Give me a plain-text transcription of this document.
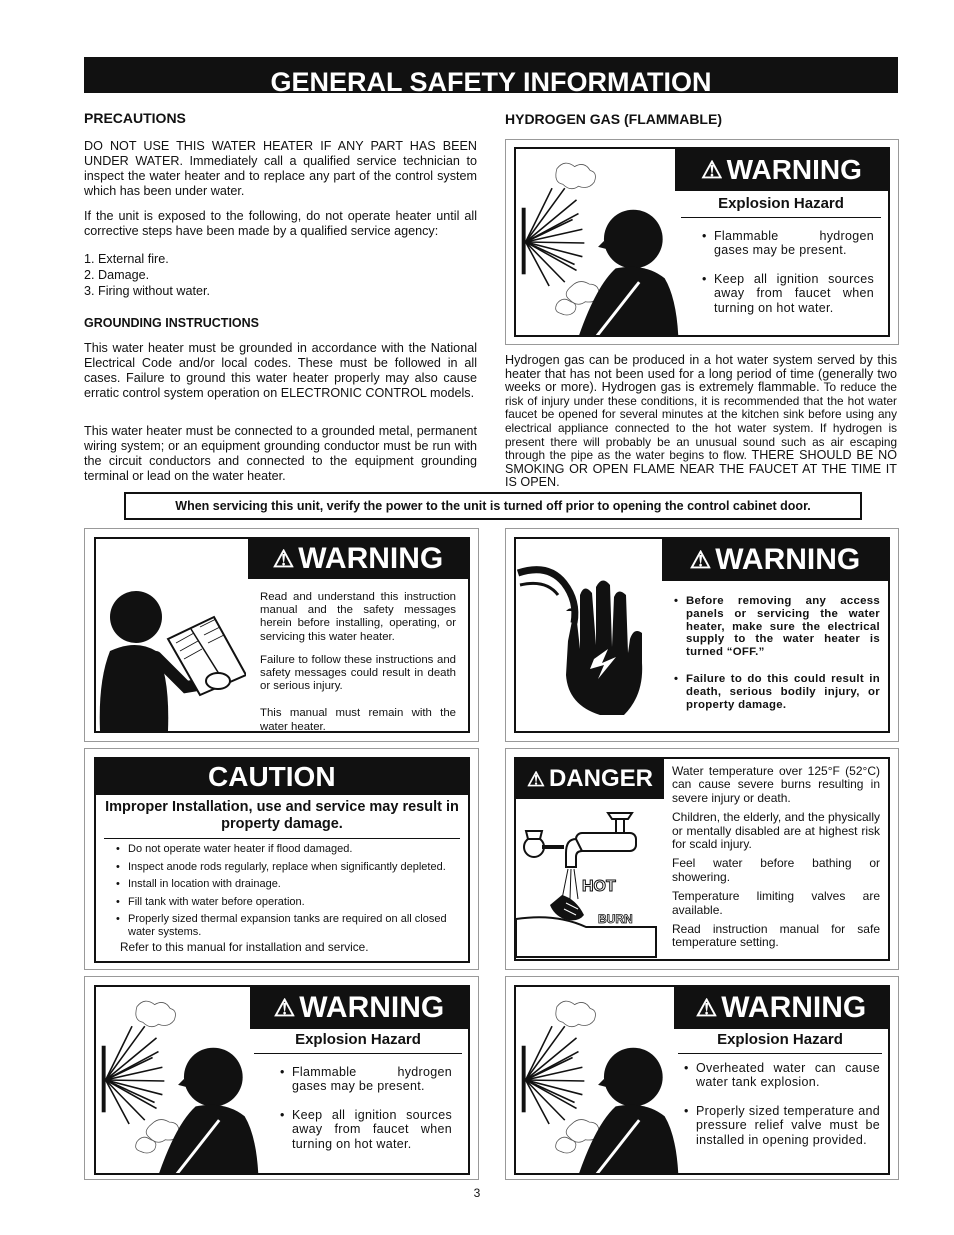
GENERAL SAFETY INFORMATION
PRECAUTIONS

DO NOT USE THIS WATER HEATER IF ANY PART HAS BEEN UNDER WATER. Immediately call a qualified service technician to inspect the water heater and to replace any part of the control system which has been under water.

If the unit is exposed to the following, do not operate heater until all corrective steps have been made by a qualified service agency:

1. External fire.
2. Damage.
3. Firing without water.
GROUNDING INSTRUCTIONS

This water heater must be grounded in accordance with the National Electrical Code and/or local codes. These must be followed in all cases. Failure to ground this water heater properly may also cause erratic control system operation on ELECTRONIC CONTROL models.

This water heater must be connected to a grounded metal, permanent wiring system; or an equipment grounding conductor must be run with the circuit conductors and connected to the equipment grounding terminal or lead on the water heater.

HYDROGEN GAS (FLAMMABLE)
⚠ WARNING
Explosion Hazard
• Flammable hydrogen gases may be present.
• Keep all ignition sources away from faucet when turning on hot water.

Hydrogen gas can be produced in a hot water system served by this heater that has not been used for a long period of time (generally two weeks or more). Hydrogen gas is extremely flammable. To reduce the risk of injury under these conditions, it is recommended that the hot water faucet be opened for several minutes at the kitchen sink before using any electrical appliance connected to the hot water system. If hydrogen is present there will probably be an unusual sound such as air escaping through the pipe as the water begins to flow. THERE SHOULD BE NO SMOKING OR OPEN FLAME NEAR THE FAUCET AT THE TIME IT IS OPEN.

When servicing this unit, verify the power to the unit is turned off prior to opening the control cabinet door.
⚠ WARNING

Read and understand this instruction manual and the safety messages herein before installing, operating, or servicing this water heater.

Failure to follow these instructions and safety messages could result in death or serious injury.

This manual must remain with the water heater.

⚠ WARNING
• Before removing any access panels or servicing the water heater, make sure the electrical supply to the water heater is turned “OFF.”
• Failure to do this could result in death, serious bodily injury, or property damage.
CAUTION
Improper Installation, use and service may result in property damage.
• Do not operate water heater if flood damaged.
• Inspect anode rods regularly, replace when significantly depleted.
• Install in location with drainage.
• Fill tank with water before operation.
• Properly sized thermal expansion tanks are required on all closed water systems.
Refer to this manual for installation and service.
⚠ DANGER
HOT
BURN

Water temperature over 125°F (52°C) can cause severe burns resulting in severe injury or death.

Children, the elderly, and the physically or mentally disabled are at highest risk for scald injury.

Feel water before bathing or showering.

Temperature limiting valves are available.

Read instruction manual for safe temperature setting.

⚠ WARNING
Explosion Hazard
• Flammable hydrogen gases may be present.
• Keep all ignition sources away from faucet when turning on hot water.
⚠ WARNING
Explosion Hazard
• Overheated water can cause water tank explosion.
• Properly sized temperature and pressure relief valve must be installed in opening provided.
3
